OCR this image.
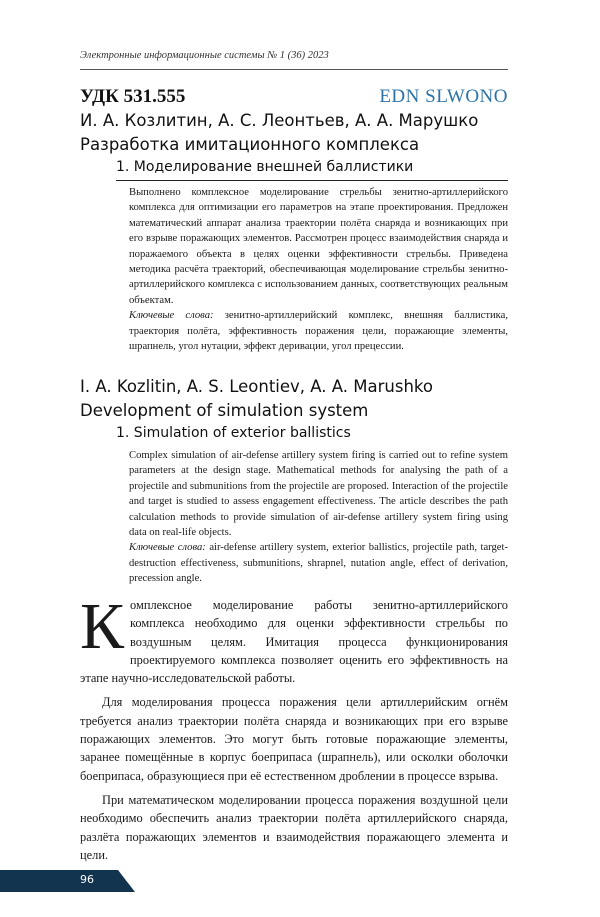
Электронные информационные системы № 1 (36) 2023
УДК 531.555	EDN SLWONO
И. А. Козлитин, А. С. Леонтьев, А. А. Марушко
Разработка имитационного комплекса
1. Моделирование внешней баллистики

Выполнено комплексное моделирование стрельбы зенитно-артиллерийского комплекса для оптимизации его параметров на этапе проектирования. Предложен математический аппарат анализа траектории полёта снаряда и возникающих при его взрыве поражающих элементов. Рассмотрен процесс взаимодействия снаряда и поражаемого объекта в целях оценки эффективности стрельбы. Приведена методика расчёта траекторий, обеспечивающая моделирование стрельбы зенитно-артиллерийского комплекса с использованием данных, соответствующих реальным объектам.

Ключевые слова: зенитно-артиллерийский комплекс, внешняя баллистика, траектория полёта, эффективность поражения цели, поражающие элементы, шрапнель, угол нутации, эффект деривации, угол прецессии.

I. A. Kozlitin, A. S. Leontiev, A. A. Marushko
Development of simulation system
1. Simulation of exterior ballistics

Complex simulation of air-defense artillery system firing is carried out to refine system parameters at the design stage. Mathematical methods for analysing the path of a projectile and submunitions from the projectile are proposed. Interaction of the projectile and target is studied to assess engagement effectiveness. The article describes the path calculation methods to provide simulation of air-defense artillery system firing using data on real-life objects.

Ключевые слова: air-defense artillery system, exterior ballistics, projectile path, target-destruction effectiveness, submunitions, shrapnel, nutation angle, effect of derivation, precession angle.

Комплексное моделирование работы зенитно-артиллерийского комплекса необходимо для оценки эффективности стрельбы по воздушным целям. Имитация процесса функционирования проектируемого комплекса позволяет оценить его эффективность на этапе научно-исследовательской работы.

Для моделирования процесса поражения цели артиллерийским огнём требуется анализ траектории полёта снаряда и возникающих при его взрыве поражающих элементов. Это могут быть готовые поражающие элементы, заранее помещённые в корпус боеприпаса (шрапнель), или осколки оболочки боеприпаса, образующиеся при её естественном дроблении в процессе взрыва.

При математическом моделировании процесса поражения воздушной цели необходимо обеспечить анализ траектории полёта артиллерийского снаряда, разлёта поражающих элементов и взаимодействия поражающего элемента и цели.

96
